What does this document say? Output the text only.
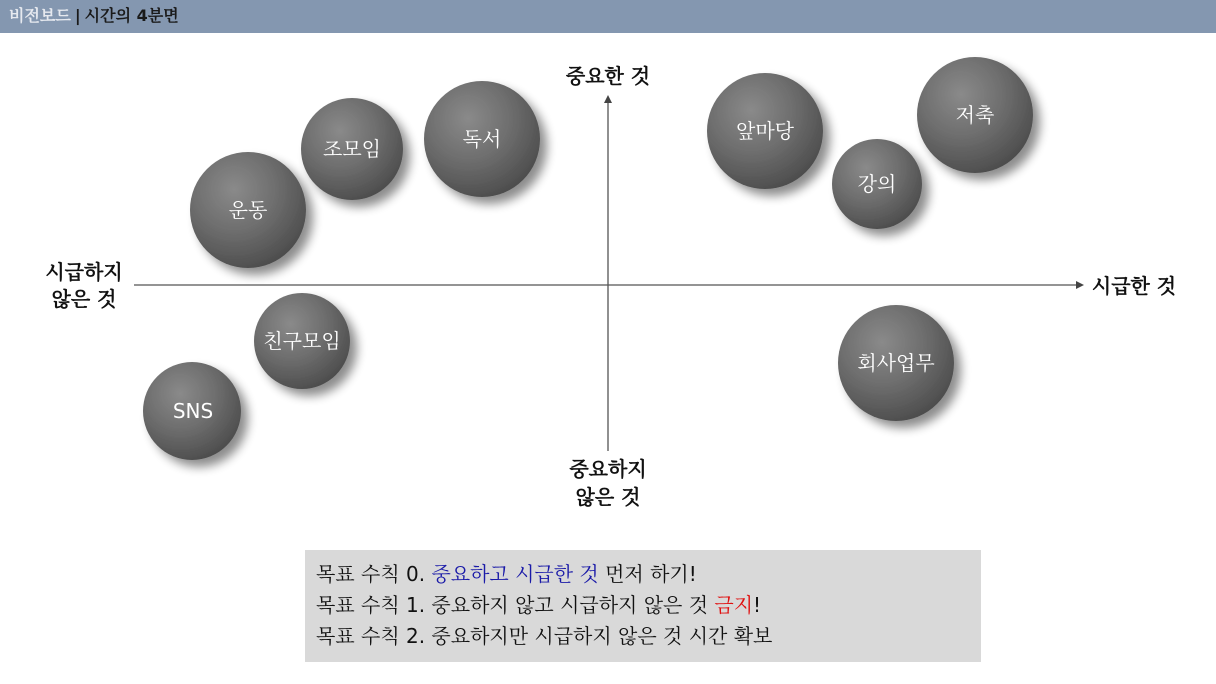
비전보드 | 시간의 4분면
중요한 것
중요하지
않은 것
시급하지
않은 것
시급한 것
운동
조모임	독서
친구모임
SNS
앞마당
저축
강의
회사업무
목표 수칙 0. 중요하고 시급한 것 먼저 하기!
목표 수칙 1. 중요하지 않고 시급하지 않은 것 금지!
목표 수칙 2. 중요하지만 시급하지 않은 것 시간 확보
